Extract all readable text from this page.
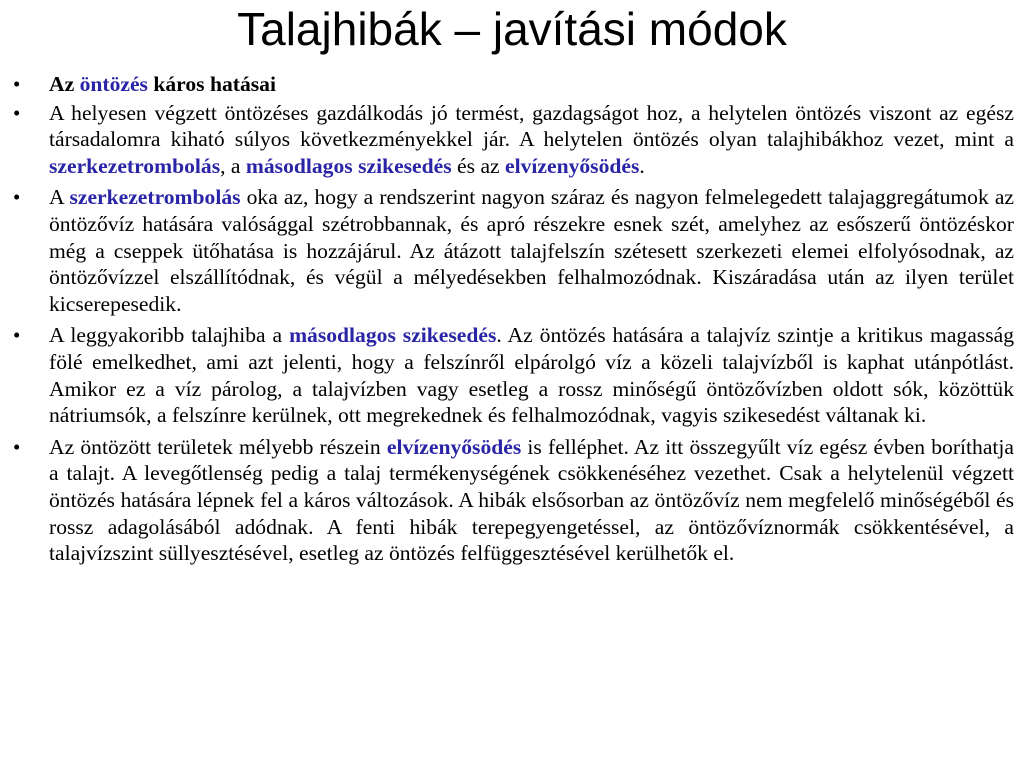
Talajhibák – javítási módok
• Az öntözés káros hatásai
• A helyesen végzett öntözéses gazdálkodás jó termést, gazdagságot hoz, a helytelen öntözés viszont az egész társadalomra kiható súlyos következményekkel jár. A helytelen öntözés olyan talajhibákhoz vezet, mint a szerkezetrombolás, a másodlagos szikesedés és az elvízenyősödés.
• A szerkezetrombolás oka az, hogy a rendszerint nagyon száraz és nagyon felmelegedett talajaggregátumok az öntözővíz hatására valósággal szétrobbannak, és apró részekre esnek szét, amelyhez az esőszerű öntözéskor még a cseppek ütőhatása is hozzájárul. Az átázott talajfelszín szétesett szerkezeti elemei elfolyósodnak, az öntözővízzel elszállítódnak, és végül a mélyedésekben felhalmozódnak. Kiszáradása után az ilyen terület kicserepesedik.
• A leggyakoribb talajhiba a másodlagos szikesedés. Az öntözés hatására a talajvíz szintje a kritikus magasság fölé emelkedhet, ami azt jelenti, hogy a felszínről elpárolgó víz a közeli talajvízből is kaphat utánpótlást. Amikor ez a víz párolog, a talajvízben vagy esetleg a rossz minőségű öntözővízben oldott sók, közöttük nátriumsók, a felszínre kerülnek, ott megrekednek és felhalmozódnak, vagyis szikesedést váltanak ki.
• Az öntözött területek mélyebb részein elvízenyősödés is felléphet. Az itt összegyűlt víz egész évben boríthatja a talajt. A levegőtlenség pedig a talaj termékenységének csökkenéséhez vezethet. Csak a helytelenül végzett öntözés hatására lépnek fel a káros változások. A hibák elsősorban az öntözővíz nem megfelelő minőségéből és rossz adagolásából adódnak. A fenti hibák terepegyengetéssel, az öntözővíznormák csökkentésével, a talajvízszint süllyesztésével, esetleg az öntözés felfüggesztésével kerülhetők el.
